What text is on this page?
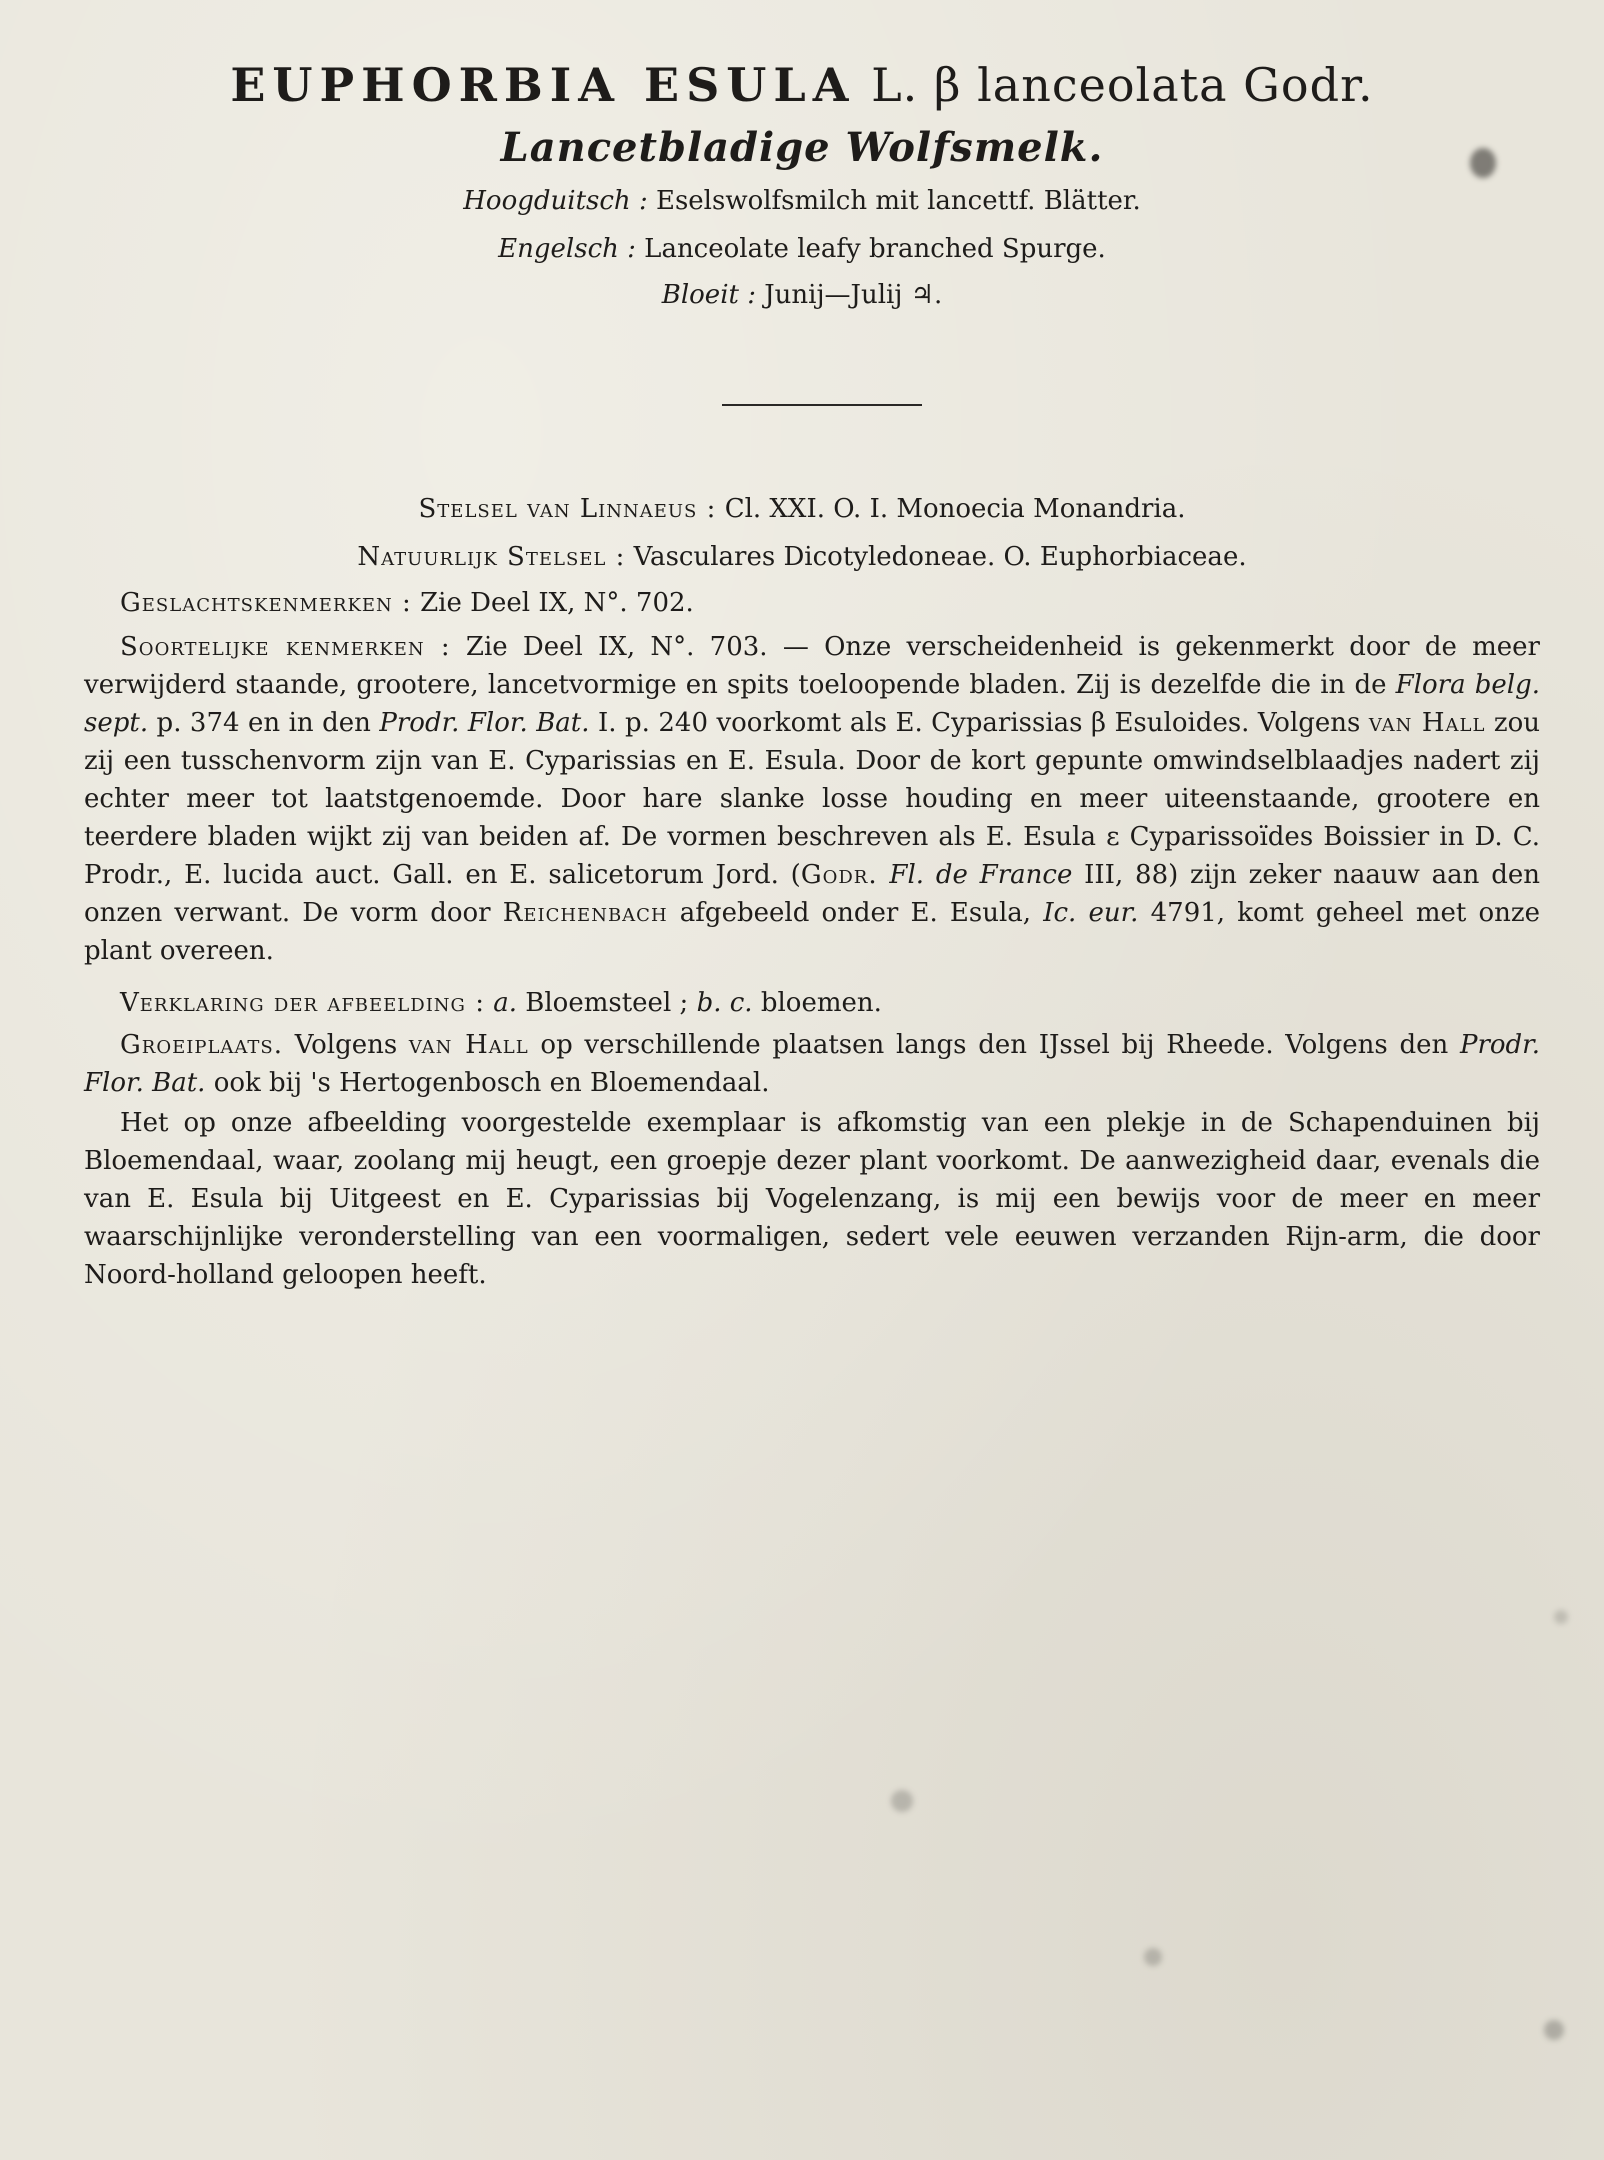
EUPHORBIA ESULA L. β lanceolata Godr.
Lancetbladige Wolfsmelk.
Hoogduitsch : Eselswolfsmilch mit lancettf. Blätter.
Engelsch : Lanceolate leafy branched Spurge.
Bloeit : Junij—Julij ♃.
Stelsel van Linnaeus : Cl. XXI. O. I. Monoecia Monandria.
Natuurlijk Stelsel : Vasculares Dicotyledoneae. O. Euphorbiaceae.
Geslachtskenmerken : Zie Deel IX, N°. 702.
Soortelijke kenmerken : Zie Deel IX, N°. 703. — Onze verscheidenheid is gekenmerkt door de meer verwijderd staande, grootere, lancetvormige en spits toeloopende bladen. Zij is dezelfde die in de Flora belg. sept. p. 374 en in den Prodr. Flor. Bat. I. p. 240 voorkomt als E. Cyparissias β Esuloides. Volgens van Hall zou zij een tusschenvorm zijn van E. Cyparissias en E. Esula. Door de kort gepunte omwindselblaadjes nadert zij echter meer tot laatstgenoemde. Door hare slanke losse houding en meer uiteenstaande, grootere en teerdere bladen wijkt zij van beiden af. De vormen beschreven als E. Esula ε Cyparissoïdes Boissier in D. C. Prodr., E. lucida auct. Gall. en E. salicetorum Jord. (Godr. Fl. de France III, 88) zijn zeker naauw aan den onzen verwant. De vorm door Reichenbach afgebeeld onder E. Esula, Ic. eur. 4791, komt geheel met onze plant overeen.
Verklaring der afbeelding : a. Bloemsteel ; b. c. bloemen.
Groeiplaats. Volgens van Hall op verschillende plaatsen langs den IJssel bij Rheede. Volgens den Prodr. Flor. Bat. ook bij 's Hertogenbosch en Bloemendaal.
Het op onze afbeelding voorgestelde exemplaar is afkomstig van een plekje in de Schapenduinen bij Bloemendaal, waar, zoolang mij heugt, een groepje dezer plant voorkomt. De aanwezigheid daar, evenals die van E. Esula bij Uitgeest en E. Cyparissias bij Vogelenzang, is mij een bewijs voor de meer en meer waarschijnlijke veronderstelling van een voormaligen, sedert vele eeuwen verzanden Rijn-arm, die door Noord-holland geloopen heeft.
